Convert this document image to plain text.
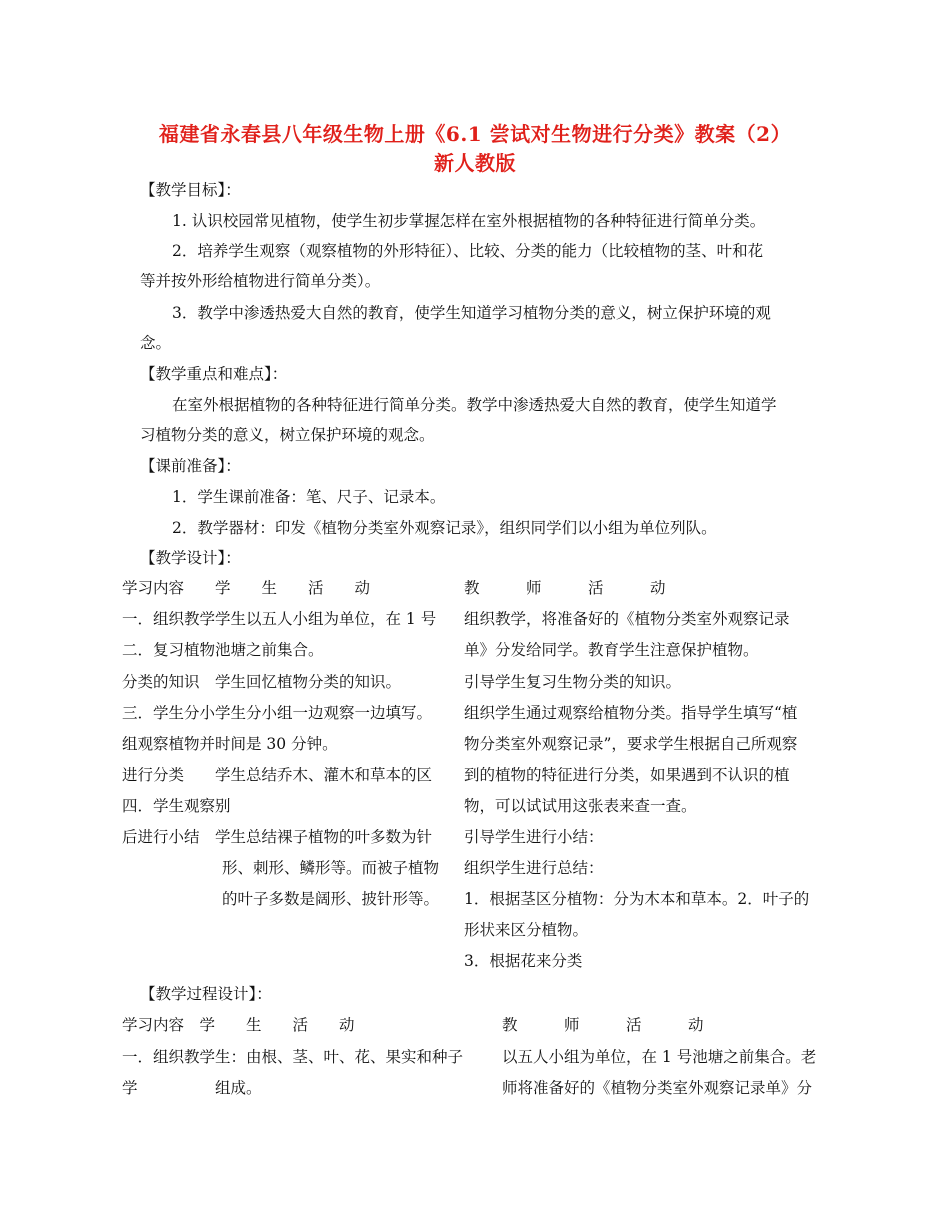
福建省永春县八年级生物上册《6.1 尝试对生物进行分类》教案（2）
新人教版
【教学目标】：
1. 认识校园常见植物，使学生初步掌握怎样在室外根据植物的各种特征进行简单分类。
2．培养学生观察（观察植物的外形特征）、比较、分类的能力（比较植物的茎、叶和花
等并按外形给植物进行简单分类）。
3．教学中渗透热爱大自然的教育，使学生知道学习植物分类的意义，树立保护环境的观
念。
【教学重点和难点】：
在室外根据植物的各种特征进行简单分类。教学中渗透热爱大自然的教育，使学生知道学
习植物分类的意义，树立保护环境的观念。
【课前准备】：
1．学生课前准备：笔、尺子、记录本。
2．教学器材：印发《植物分类室外观察记录》，组织同学们以小组为单位列队。
【教学设计】：
学习内容　　学　　生　　活　　动	教　　　师　　　活　　　动
一．组织教学学生以五人小组为单位，在 1 号
二．复习植物池塘之前集合。
分类的知识　学生回忆植物分类的知识。
三．学生分小学生分小组一边观察一边填写。
组观察植物并时间是 30 分钟。
进行分类　　学生总结乔木、灌木和草本的区
四．学生观察别
后进行小结　学生总结裸子植物的叶多数为针
形、刺形、鳞形等。而被子植物
的叶子多数是阔形、披针形等。
组织教学，将准备好的《植物分类室外观察记录
单》分发给同学。教育学生注意保护植物。
引导学生复习生物分类的知识。
组织学生通过观察给植物分类。指导学生填写“植
物分类室外观察记录”，要求学生根据自己所观察
到的植物的特征进行分类，如果遇到不认识的植
物，可以试试用这张表来查一查。
引导学生进行小结：
组织学生进行总结：
1．根据茎区分植物：分为木本和草本。2．叶子的
形状来区分植物。
3．根据花来分类
【教学过程设计】：
学习内容　学　　生　　活　　动	教　　　师　　　活　　　动
一．组织教学生：由根、茎、叶、花、果实和种子
学　　　　　组成。
以五人小组为单位，在 1 号池塘之前集合。老
师将准备好的《植物分类室外观察记录单》分
